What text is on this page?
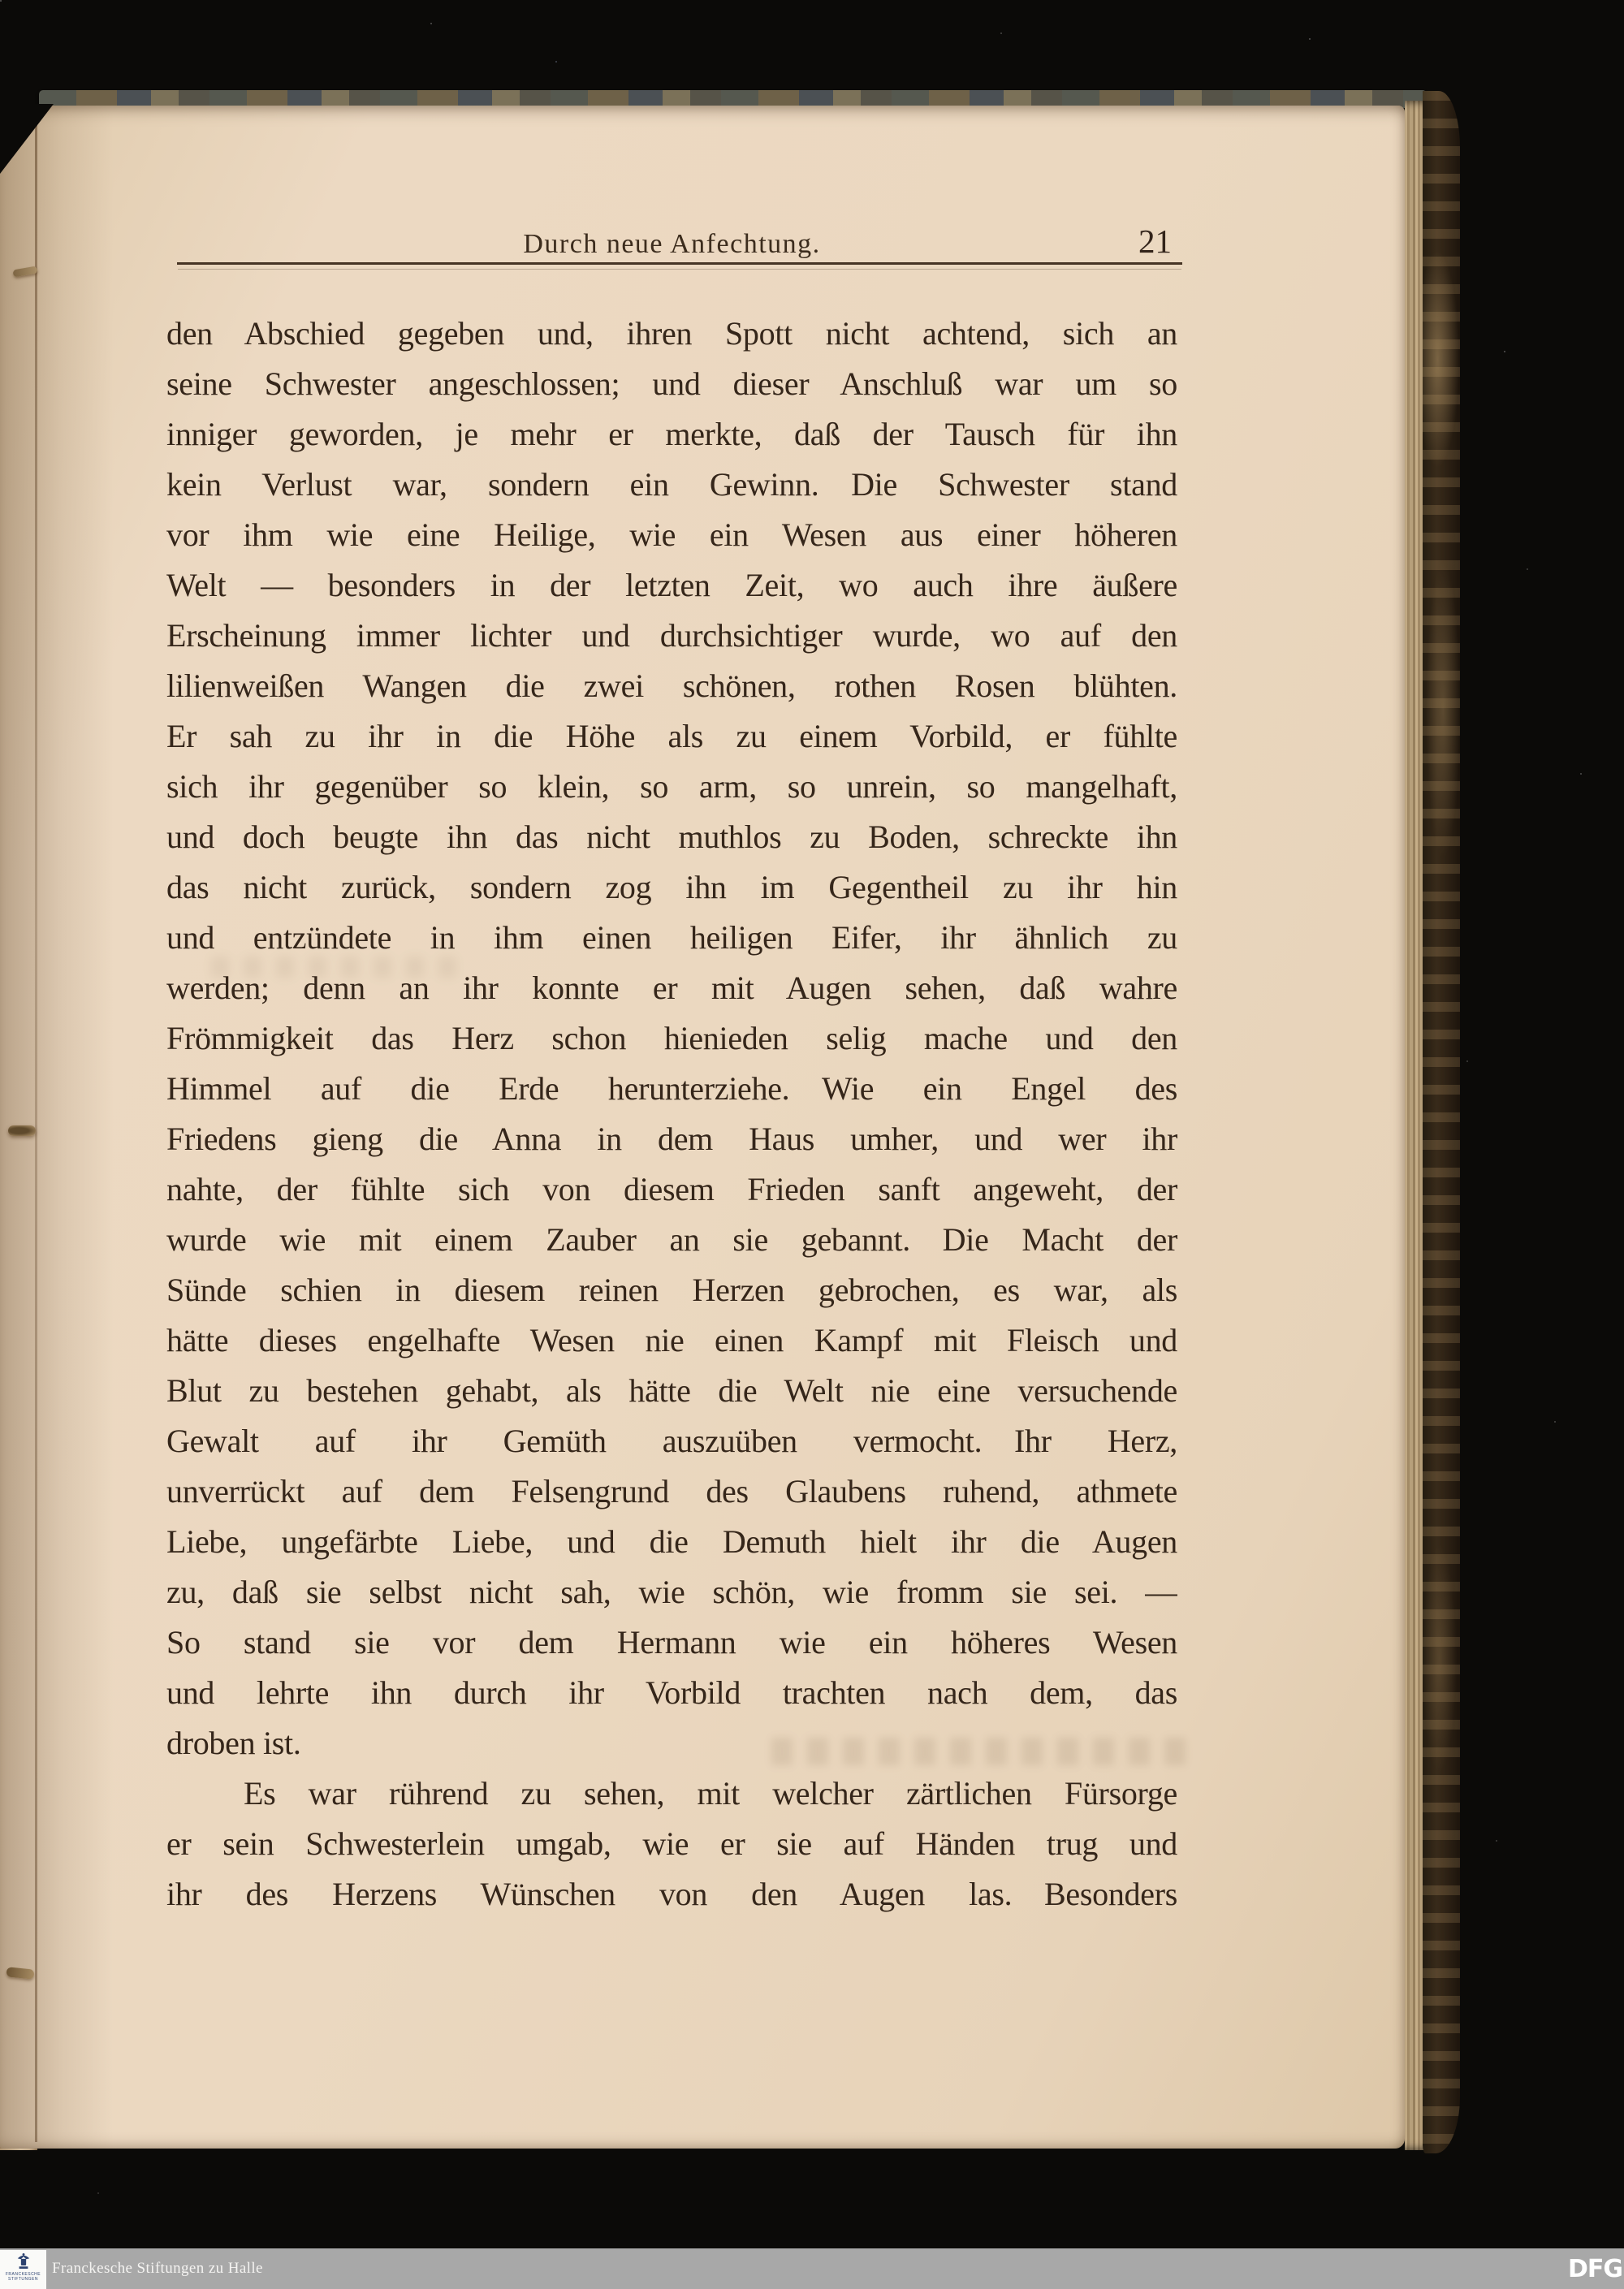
Durch neue Anfechtung.	21
den Abschied gegeben und, ihren Spott nicht achtend, sich an
seine Schwester angeschlossen; und dieser Anschluß war um so
inniger geworden, je mehr er merkte, daß der Tausch für ihn
kein Verlust war, sondern ein Gewinn. Die Schwester stand
vor ihm wie eine Heilige, wie ein Wesen aus einer höheren
Welt — besonders in der letzten Zeit, wo auch ihre äußere
Erscheinung immer lichter und durchsichtiger wurde, wo auf den
lilienweißen Wangen die zwei schönen, rothen Rosen blühten.
Er sah zu ihr in die Höhe als zu einem Vorbild, er fühlte
sich ihr gegenüber so klein, so arm, so unrein, so mangelhaft,
und doch beugte ihn das nicht muthlos zu Boden, schreckte ihn
das nicht zurück, sondern zog ihn im Gegentheil zu ihr hin
und entzündete in ihm einen heiligen Eifer, ihr ähnlich zu
werden; denn an ihr konnte er mit Augen sehen, daß wahre
Frömmigkeit das Herz schon hienieden selig mache und den
Himmel auf die Erde herunterziehe. Wie ein Engel des
Friedens gieng die Anna in dem Haus umher, und wer ihr
nahte, der fühlte sich von diesem Frieden sanft angeweht, der
wurde wie mit einem Zauber an sie gebannt. Die Macht der
Sünde schien in diesem reinen Herzen gebrochen, es war, als
hätte dieses engelhafte Wesen nie einen Kampf mit Fleisch und
Blut zu bestehen gehabt, als hätte die Welt nie eine versuchende
Gewalt auf ihr Gemüth auszuüben vermocht. Ihr Herz,
unverrückt auf dem Felsengrund des Glaubens ruhend, athmete
Liebe, ungefärbte Liebe, und die Demuth hielt ihr die Augen
zu, daß sie selbst nicht sah, wie schön, wie fromm sie sei. —
So stand sie vor dem Hermann wie ein höheres Wesen
und lehrte ihn durch ihr Vorbild trachten nach dem, das
droben ist.
Es war rührend zu sehen, mit welcher zärtlichen Fürsorge
er sein Schwesterlein umgab, wie er sie auf Händen trug und
ihr des Herzens Wünschen von den Augen las. Besonders
FRANCKESCHE
STIFTUNGEN
Franckesche Stiftungen zu Halle	DFG
